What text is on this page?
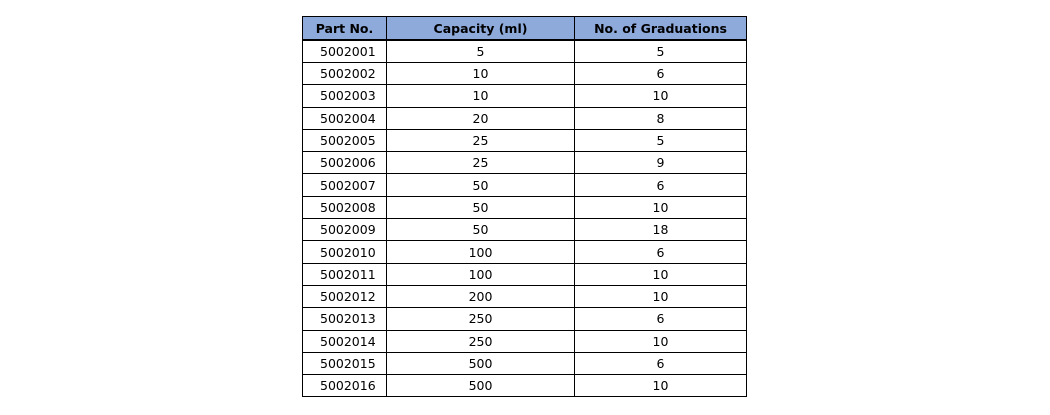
Part No.	Capacity (ml)	No. of Graduations
5002001	5	5
5002002	10	6
5002003	10	10
5002004	20	8
5002005	25	5
5002006	25	9
5002007	50	6
5002008	50	10
5002009	50	18
5002010	100	6
5002011	100	10
5002012	200	10
5002013	250	6
5002014	250	10
5002015	500	6
5002016	500	10
